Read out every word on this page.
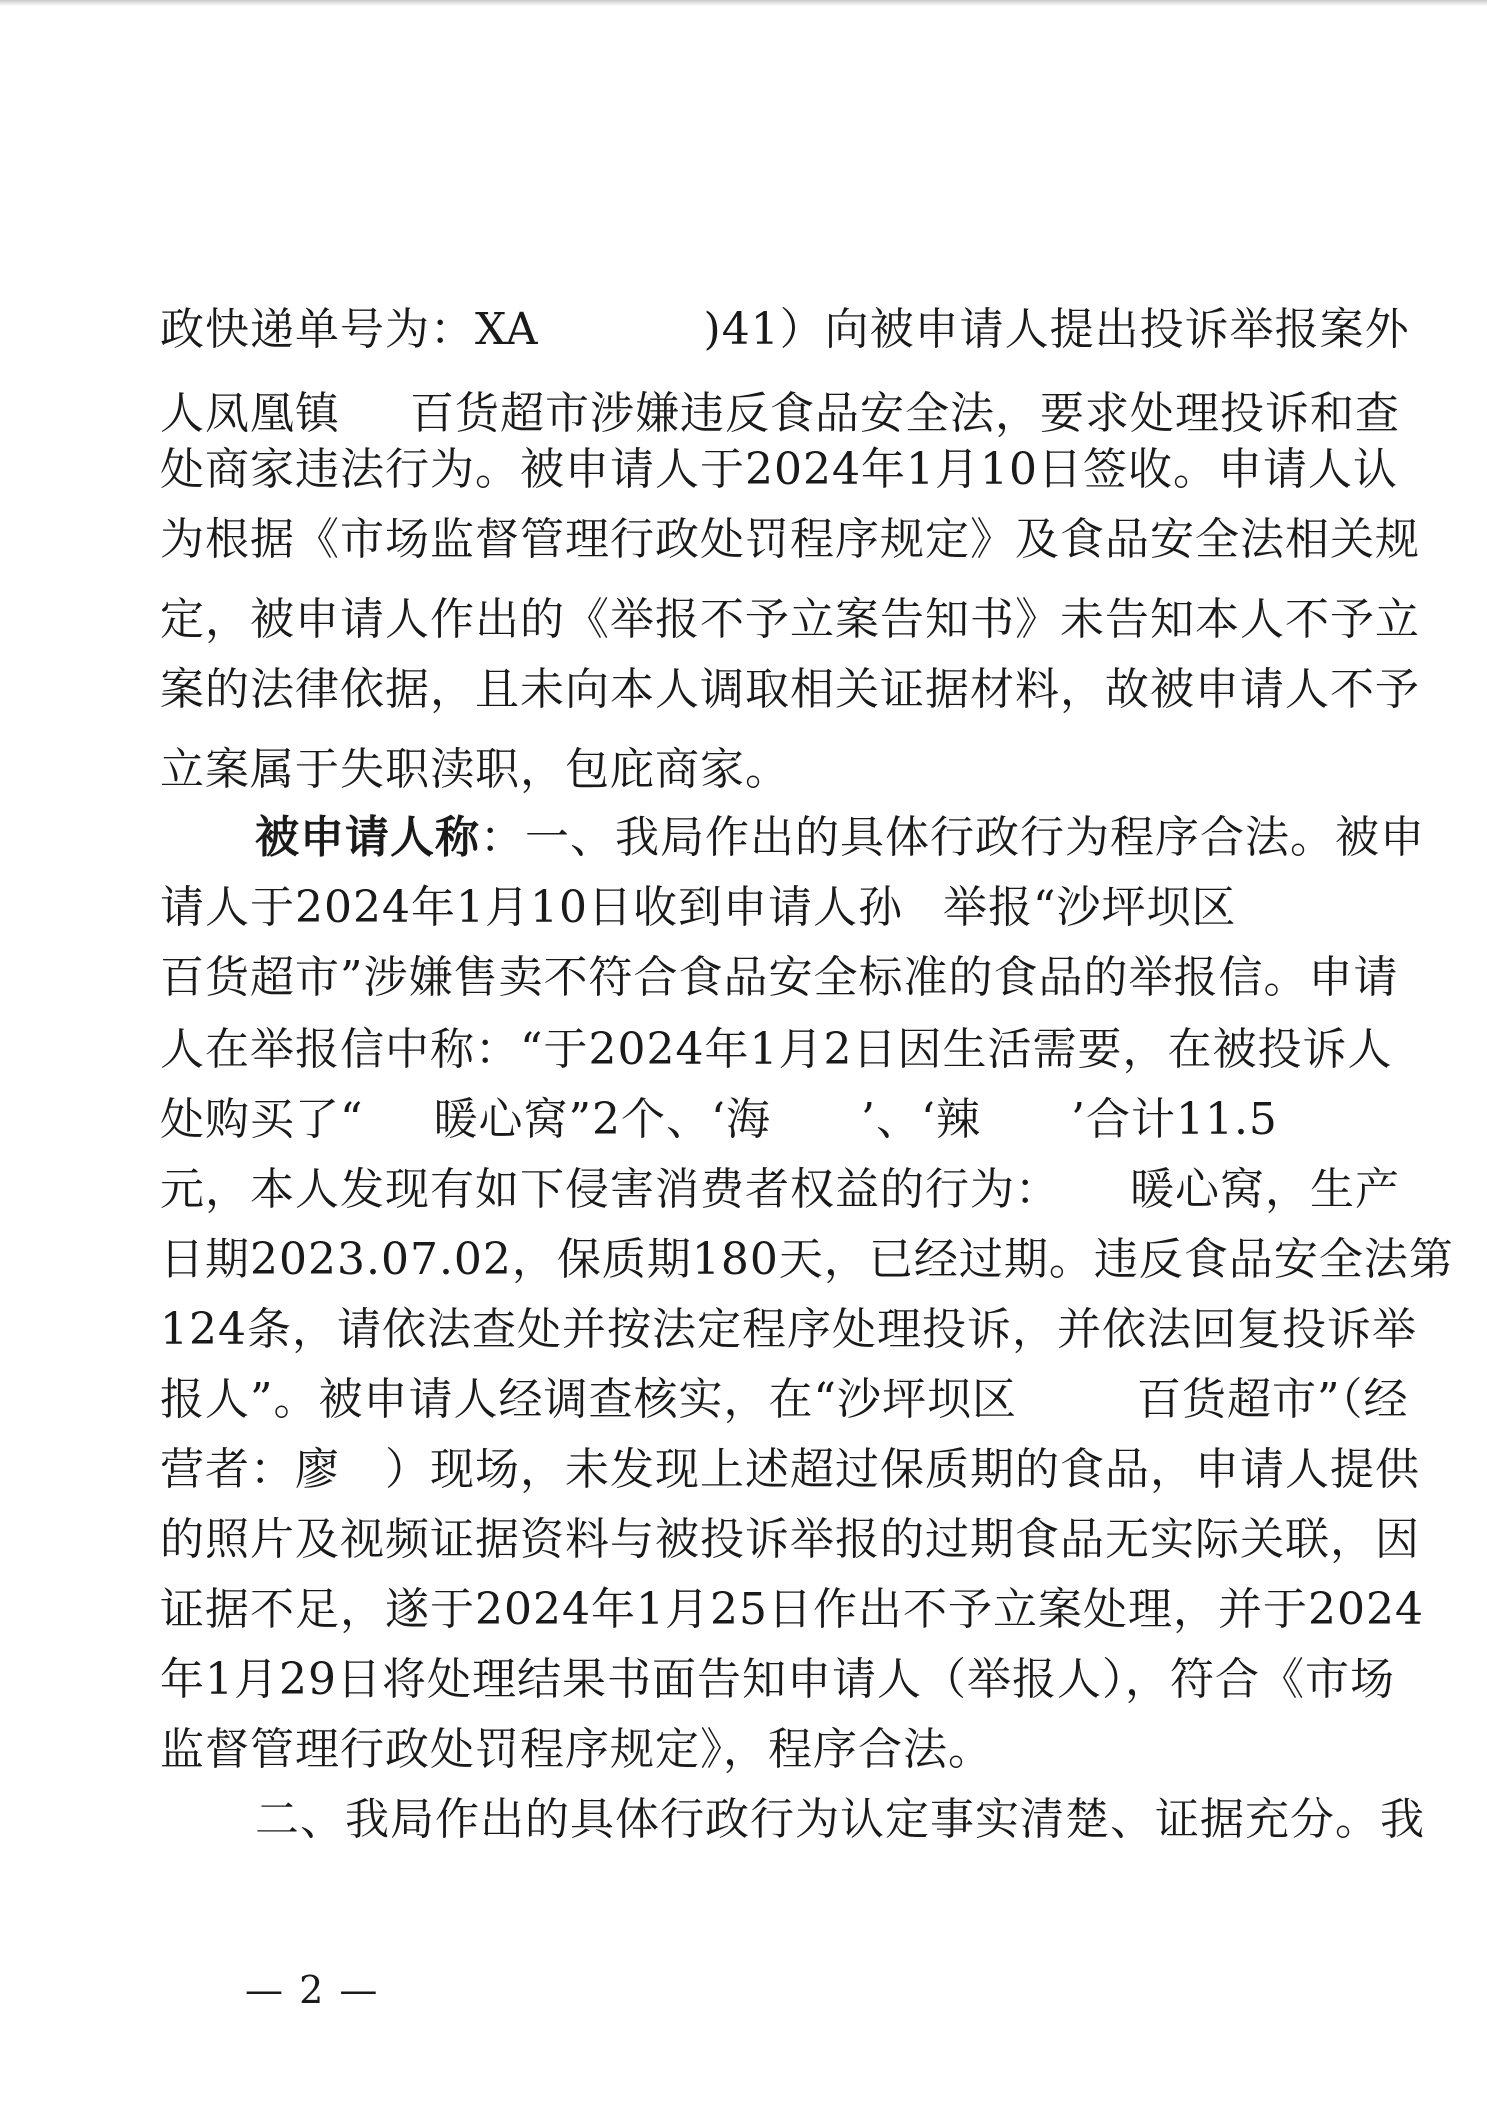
政快递单号为：XA	)41）向被申请人提出投诉举报案外
人凤凰镇 百货超市涉嫌违反食品安全法，要求处理投诉和查
处商家违法行为。被申请人于2024年1月10日签收。申请人认
为根据《市场监督管理行政处罚程序规定》及食品安全法相关规
定，被申请人作出的《举报不予立案告知书》未告知本人不予立
案的法律依据，且未向本人调取相关证据材料，故被申请人不予
立案属于失职渎职，包庇商家。
被申请人称：一、我局作出的具体行政行为程序合法。被申
请人于2024年1月10日收到申请人孙 举报“沙坪坝区
百货超市”涉嫌售卖不符合食品安全标准的食品的举报信。申请
人在举报信中称：“于2024年1月2日因生活需要，在被投诉人
处购买了“ 暖心窝”2个、‘海 ’、‘辣 ’合计11.5
元，本人发现有如下侵害消费者权益的行为： 暖心窝，生产
日期2023.07.02，保质期180天，已经过期。违反食品安全法第
124条，请依法查处并按法定程序处理投诉，并依法回复投诉举
报人”。被申请人经调查核实，在“沙坪坝区	百货超市”（经
营者：廖 ）现场，未发现上述超过保质期的食品，申请人提供
的照片及视频证据资料与被投诉举报的过期食品无实际关联，因
证据不足，遂于2024年1月25日作出不予立案处理，并于2024
年1月29日将处理结果书面告知申请人（举报人），符合《市场
监督管理行政处罚程序规定》，程序合法。
二、我局作出的具体行政行为认定事实清楚、证据充分。我
— 2 —
